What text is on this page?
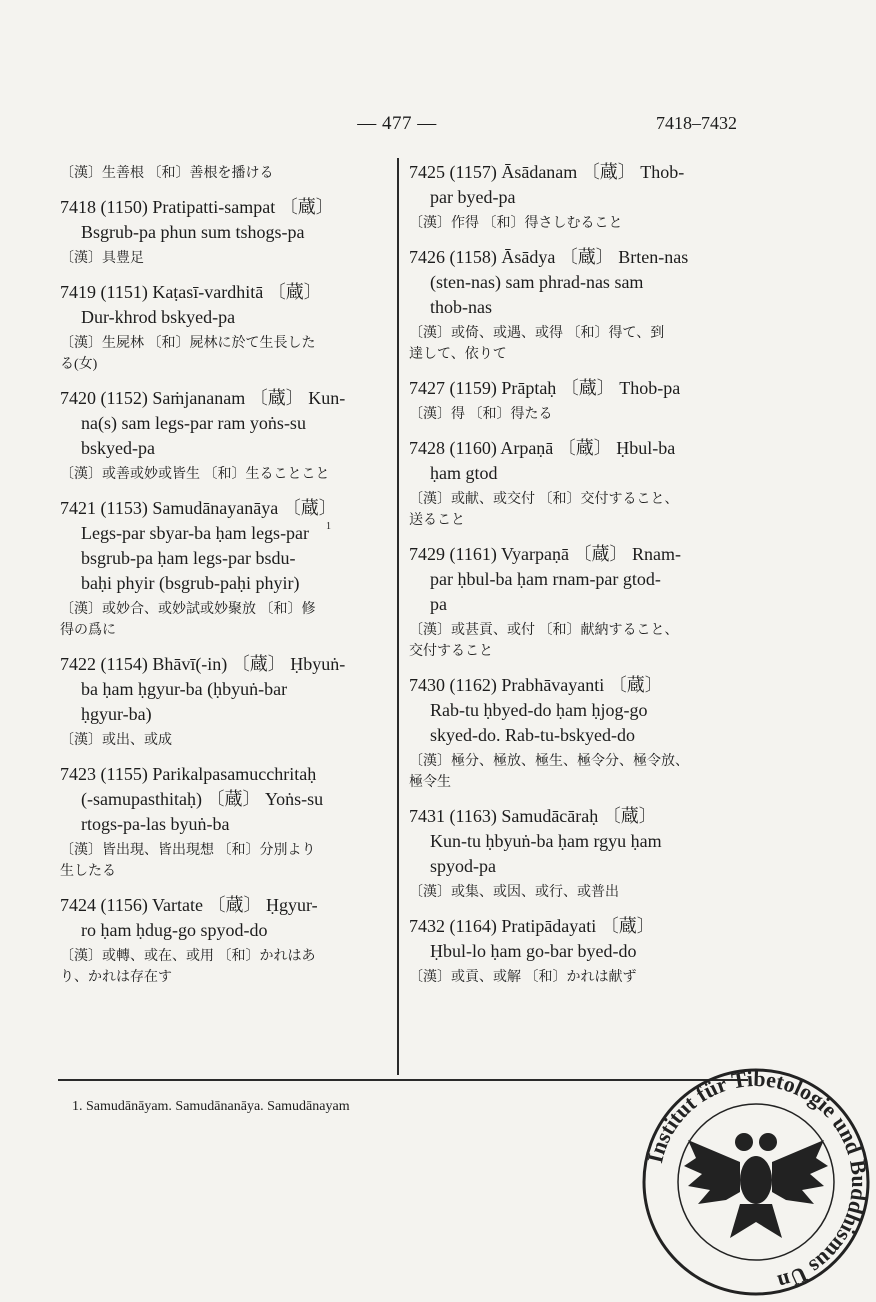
— 477 —	7418–7432
〔漢〕生善根 〔和〕善根を播ける
7418 (1150) Pratipatti-sampat 〔蔵〕
Bsgrub-pa phun sum tshogs-pa
〔漢〕具豊足
7419 (1151) Kaṭasī-vardhitā 〔蔵〕
Dur-khrod bskyed-pa
〔漢〕生屍林 〔和〕屍林に於て生長した
る(女)
7420 (1152) Saṁjananam 〔蔵〕 Kun-
na(s) sam legs-par ram yoṅs-su
bskyed-pa
〔漢〕或善或妙或皆生 〔和〕生ることこと
7421 (1153) Samudānayanāya 〔蔵〕
Legs-par sbyar-ba ḥam legs-par
bsgrub-pa ḥam legs-par bsdu-
baḥi phyir (bsgrub-paḥi phyir)
〔漢〕或妙合、或妙試或妙聚放 〔和〕修
得の爲に
7422 (1154) Bhāvī(-in) 〔蔵〕 Ḥbyuṅ-
ba ḥam ḥgyur-ba (ḥbyuṅ-bar
ḥgyur-ba)
〔漢〕或出、或成
7423 (1155) Parikalpasamucchritaḥ
(-samupasthitaḥ) 〔蔵〕 Yoṅs-su
rtogs-pa-las byuṅ-ba
〔漢〕皆出現、皆出現想 〔和〕分別より
生したる
7424 (1156) Vartate 〔蔵〕 Ḥgyur-
ro ḥam ḥdug-go spyod-do
〔漢〕或轉、或在、或用 〔和〕かれはあ
り、かれは存在す
7425 (1157) Āsādanam 〔蔵〕 Thob-
par byed-pa
〔漢〕作得 〔和〕得さしむること
7426 (1158) Āsādya 〔蔵〕 Brten-nas
(sten-nas) sam phrad-nas sam
thob-nas
〔漢〕或倚、或遇、或得 〔和〕得て、到
達して、依りて
7427 (1159) Prāptaḥ 〔蔵〕 Thob-pa
〔漢〕得 〔和〕得たる
7428 (1160) Arpaṇā 〔蔵〕 Ḥbul-ba
ḥam gtod
〔漢〕或献、或交付 〔和〕交付すること、
送ること
7429 (1161) Vyarpaṇā 〔蔵〕 Rnam-
par ḥbul-ba ḥam rnam-par gtod-
pa
〔漢〕或甚貢、或付 〔和〕献納すること、
交付すること
7430 (1162) Prabhāvayanti 〔蔵〕
Rab-tu ḥbyed-do ḥam ḥjog-go
skyed-do. Rab-tu-bskyed-do
〔漢〕極分、極放、極生、極令分、極令放、
極令生
7431 (1163) Samudācāraḥ 〔蔵〕
Kun-tu ḥbyuṅ-ba ḥam rgyu ḥam
spyod-pa
〔漢〕或集、或因、或行、或普出
7432 (1164) Pratipādayati 〔蔵〕
Ḥbul-lo ḥam go-bar byed-do
〔漢〕或貢、或解 〔和〕かれは献ず
1
1. Samudānāyam. Samudānanāya. Samudānayam
Institut für Tibetologie und Buddhismus Un
